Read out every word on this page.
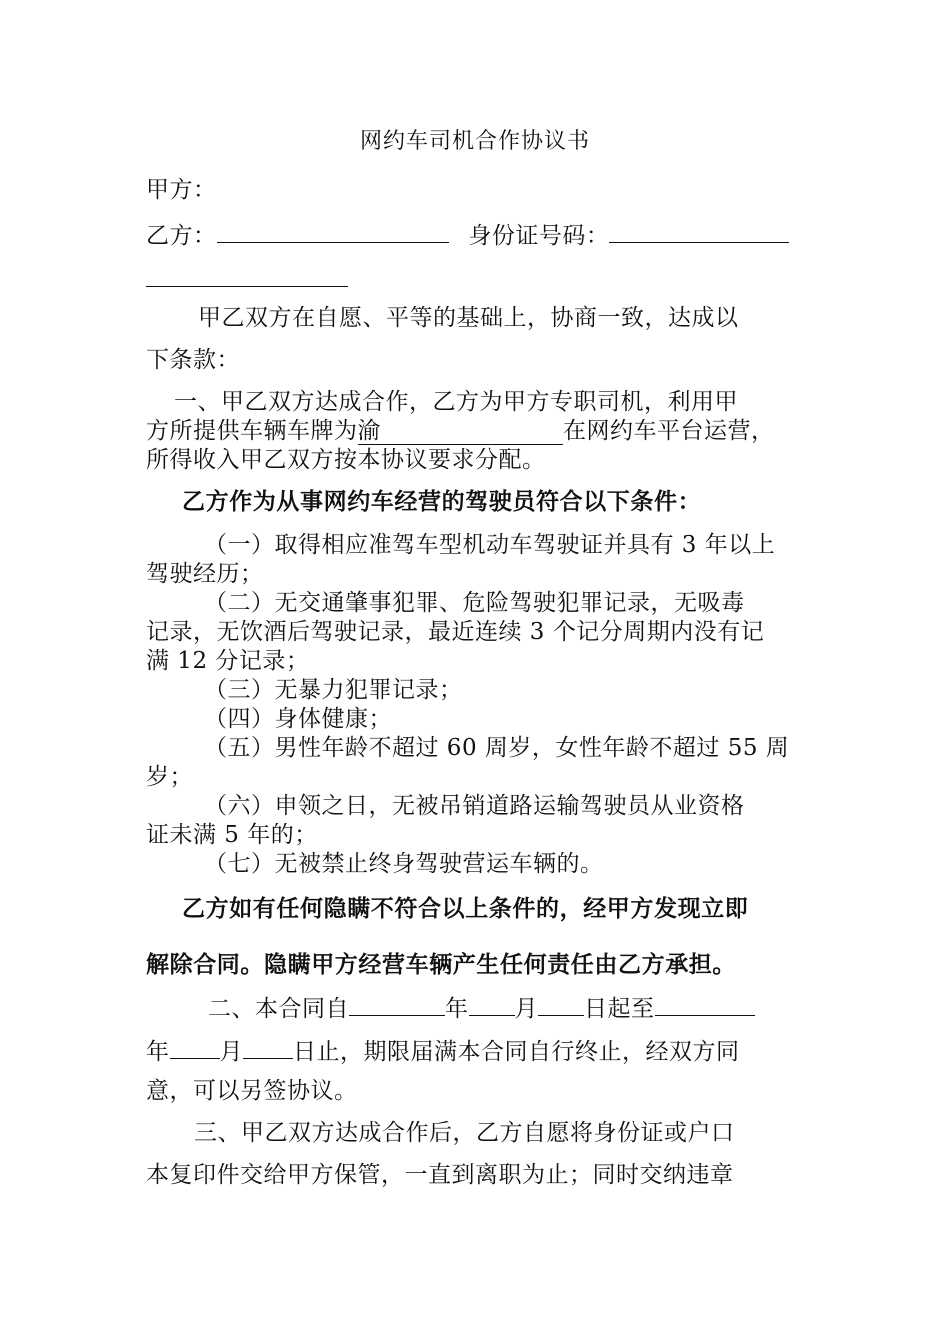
网约车司机合作协议书
甲方：
乙方：	身份证号码：
甲乙双方在自愿、平等的基础上，协商一致，达成以
下条款：
一、甲乙双方达成合作，乙方为甲方专职司机，利用甲
方所提供车辆车牌为渝	在网约车平台运营，
所得收入甲乙双方按本协议要求分配。
乙方作为从事网约车经营的驾驶员符合以下条件：
（一）取得相应准驾车型机动车驾驶证并具有 3 年以上
驾驶经历；
（二）无交通肇事犯罪、危险驾驶犯罪记录，无吸毒
记录，无饮酒后驾驶记录，最近连续 3 个记分周期内没有记
满 12 分记录；
（三）无暴力犯罪记录；
（四）身体健康；
（五）男性年龄不超过 60 周岁，女性年龄不超过 55 周
岁；
（六）申领之日，无被吊销道路运输驾驶员从业资格
证未满 5 年的；
（七）无被禁止终身驾驶营运车辆的。
乙方如有任何隐瞒不符合以上条件的，经甲方发现立即
解除合同。隐瞒甲方经营车辆产生任何责任由乙方承担。
二、本合同自	年 月 日起至
年 月 日止，期限届满本合同自行终止，经双方同
意，可以另签协议。
三、甲乙双方达成合作后，乙方自愿将身份证或户口
本复印件交给甲方保管，一直到离职为止；同时交纳违章
